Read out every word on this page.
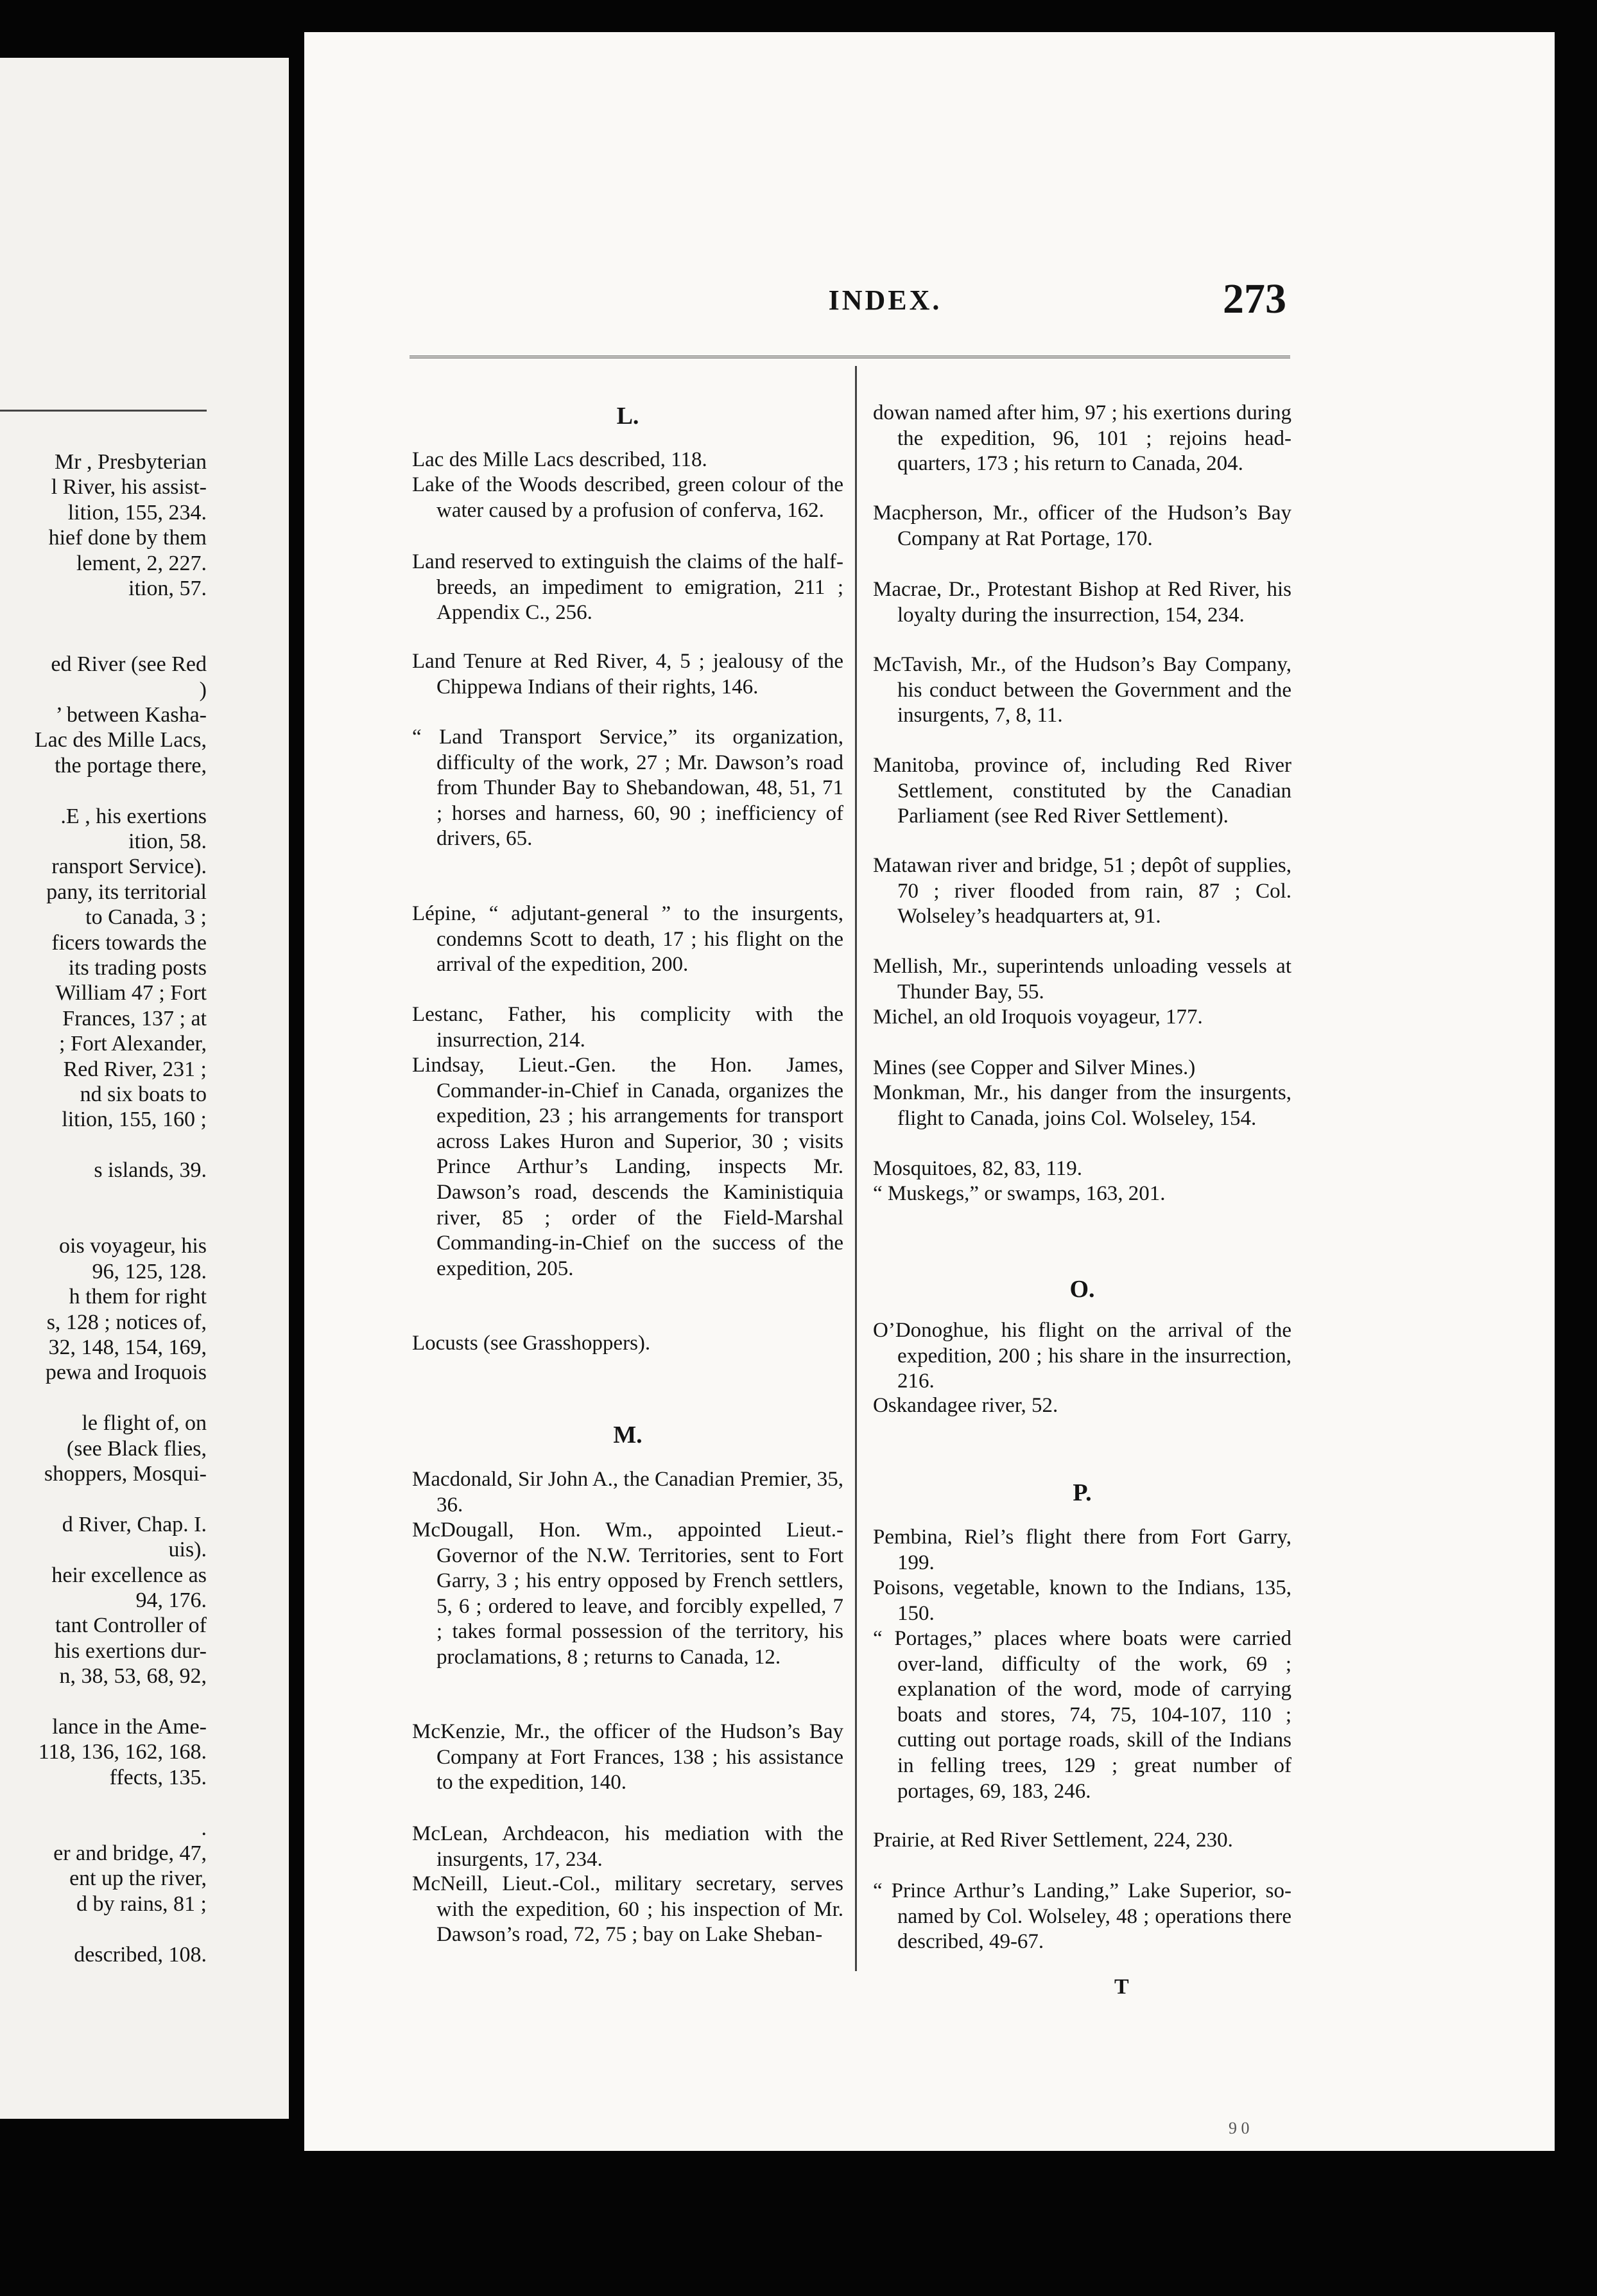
Mr , Presbyterian
l River, his assist-
lition, 155, 234.
hief done by them
lement, 2, 227.
ition, 57.
ed River (see Red
)
’ between Kasha-
Lac des Mille Lacs,
the portage there,
.E , his exertions
ition, 58.
ransport Service).
pany, its territorial
to Canada, 3 ;
ficers towards the
its trading posts
William 47 ; Fort
Frances, 137 ; at
; Fort Alexander,
Red River, 231 ;
nd six boats to
lition, 155, 160 ;
s islands, 39.
ois voyageur, his
96, 125, 128.
h them for right
s, 128 ; notices of,
32, 148, 154, 169,
pewa and Iroquois
le flight of, on
(see Black flies,
shoppers, Mosqui-
d River, Chap. I.
uis).
heir excellence as
94, 176.
tant Controller of
his exertions dur-
n, 38, 53, 68, 92,
lance in the Ame-
118, 136, 162, 168.
ffects, 135.
.
er and bridge, 47,
ent up the river,
d by rains, 81 ;
described, 108.
INDEX.	273
L.
Lac des Mille Lacs described, 118.
Lake of the Woods described, green colour of the water caused by a profusion of conferva, 162.
Land reserved to extinguish the claims of the half-breeds, an impediment to emigration, 211 ; Appendix C., 256.
Land Tenure at Red River, 4, 5 ; jealousy of the Chippewa Indians of their rights, 146.
“ Land Transport Service,” its organization, difficulty of the work, 27 ; Mr. Dawson’s road from Thunder Bay to Shebandowan, 48, 51, 71 ; horses and harness, 60, 90 ; inefficiency of drivers, 65.
Lépine, “ adjutant-general ” to the insurgents, condemns Scott to death, 17 ; his flight on the arrival of the expedition, 200.
Lestanc, Father, his complicity with the insurrection, 214.
Lindsay, Lieut.-Gen. the Hon. James, Commander-in-Chief in Canada, organizes the expedition, 23 ; his arrangements for transport across Lakes Huron and Superior, 30 ; visits Prince Arthur’s Landing, inspects Mr. Dawson’s road, descends the Kaministiquia river, 85 ; order of the Field-Marshal Commanding-in-Chief on the success of the expedition, 205.
Locusts (see Grasshoppers).
M.
Macdonald, Sir John A., the Canadian Premier, 35, 36.
McDougall, Hon. Wm., appointed Lieut.-Governor of the N.W. Territories, sent to Fort Garry, 3 ; his entry opposed by French settlers, 5, 6 ; ordered to leave, and forcibly expelled, 7 ; takes formal possession of the territory, his proclamations, 8 ; returns to Canada, 12.
McKenzie, Mr., the officer of the Hudson’s Bay Company at Fort Frances, 138 ; his assistance to the expedition, 140.
McLean, Archdeacon, his mediation with the insurgents, 17, 234.
McNeill, Lieut.-Col., military secretary, serves with the expedition, 60 ; his inspection of Mr. Dawson’s road, 72, 75 ; bay on Lake Sheban-
dowan named after him, 97 ; his exertions during the expedition, 96, 101 ; rejoins head-quarters, 173 ; his return to Canada, 204.
Macpherson, Mr., officer of the Hudson’s Bay Company at Rat Portage, 170.
Macrae, Dr., Protestant Bishop at Red River, his loyalty during the insurrection, 154, 234.
McTavish, Mr., of the Hudson’s Bay Company, his conduct between the Government and the insurgents, 7, 8, 11.
Manitoba, province of, including Red River Settlement, constituted by the Canadian Parliament (see Red River Settlement).
Matawan river and bridge, 51 ; depôt of supplies, 70 ; river flooded from rain, 87 ; Col. Wolseley’s headquarters at, 91.
Mellish, Mr., superintends unloading vessels at Thunder Bay, 55.
Michel, an old Iroquois voyageur, 177.
Mines (see Copper and Silver Mines.)
Monkman, Mr., his danger from the insurgents, flight to Canada, joins Col. Wolseley, 154.
Mosquitoes, 82, 83, 119.
“ Muskegs,” or swamps, 163, 201.
O.
O’Donoghue, his flight on the arrival of the expedition, 200 ; his share in the insurrection, 216.
Oskandagee river, 52.
P.
Pembina, Riel’s flight there from Fort Garry, 199.
Poisons, vegetable, known to the Indians, 135, 150.
“ Portages,” places where boats were carried over-land, difficulty of the work, 69 ; explanation of the word, mode of carrying boats and stores, 74, 75, 104-107, 110 ; cutting out portage roads, skill of the Indians in felling trees, 129 ; great number of portages, 69, 183, 246.
Prairie, at Red River Settlement, 224, 230.
“ Prince Arthur’s Landing,” Lake Superior, so-named by Col. Wolseley, 48 ; operations there described, 49-67.
T
9 0
